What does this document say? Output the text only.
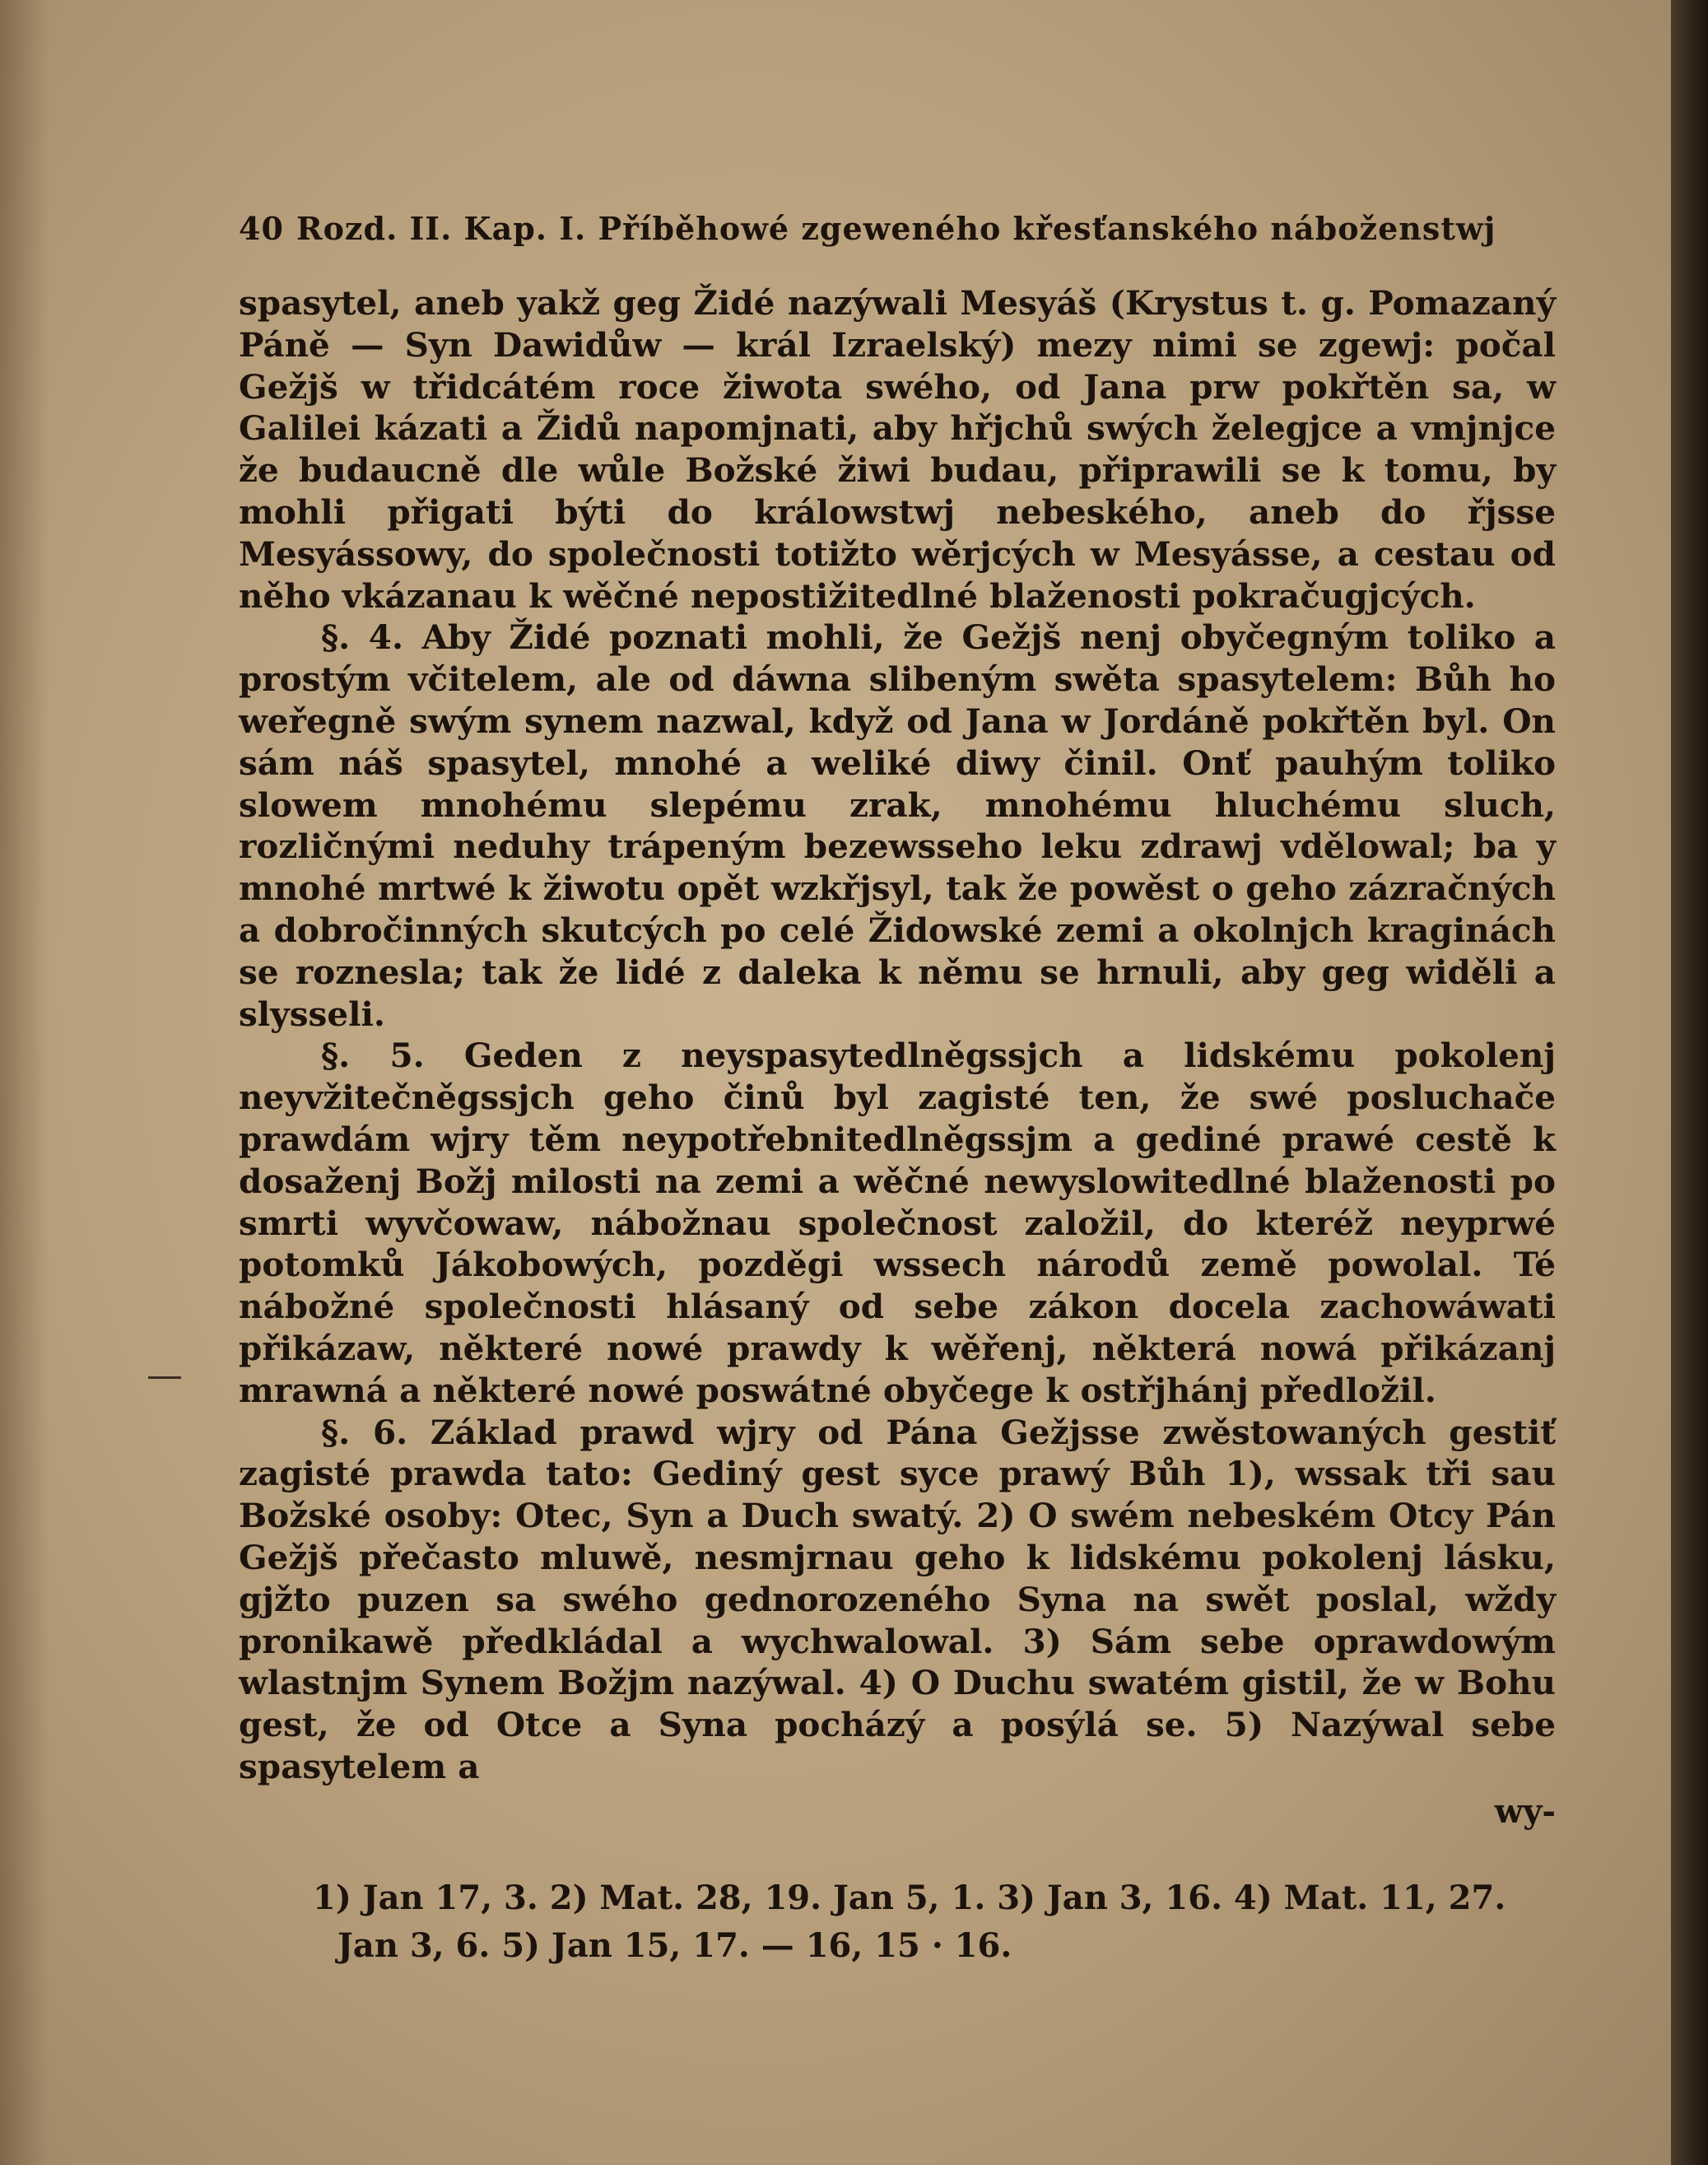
40 Rozd. II. Kap. I. Příběhowé zgeweného křesťanského náboženstwj

spasytel, aneb yakž geg Židé nazýwali Mesyáš (Krystus t. g. Pomazaný Páně — Syn Dawidůw — král Izraelský) mezy nimi se zgewj: počal Gežjš w třidcátém roce žiwota swého, od Jana prw pokřtěn sa, w Galilei kázati a Židů napomjnati, aby hřjchů swých želegjce a vmjnjce že budaucně dle wůle Božské žiwi budau, připrawili se k tomu, by mohli přigati býti do králowstwj nebeského, aneb do řjsse Mesyássowy, do společnosti totižto wěrjcých w Mesyásse, a cestau od něho vkázanau k wěčné nepostižitedlné blaženosti pokračugjcých.

§. 4. Aby Židé poznati mohli, že Gežjš nenj obyčegným toliko a prostým včitelem, ale od dáwna slibeným swěta spasytelem: Bůh ho weřegně swým synem nazwal, když od Jana w Jordáně pokřtěn byl. On sám náš spasytel, mnohé a weliké diwy činil. Onť pauhým toliko slowem mnohému slepému zrak, mnohému hluchému sluch, rozličnými neduhy trápeným bezewsseho leku zdrawj vdělowal; ba y mnohé mrtwé k žiwotu opět wzkřjsyl, tak že powěst o geho zázračných a dobročinných skutcých po celé Židowské zemi a okolnjch kraginách se roznesla; tak že lidé z daleka k němu se hrnuli, aby geg widěli a slysseli.

§. 5. Geden z neyspasytedlněgssjch a lidskému pokolenj neyvžitečněgssjch geho činů byl zagisté ten, že swé posluchače prawdám wjry těm neypotřebnitedlněgssjm a gediné prawé cestě k dosaženj Božj milosti na zemi a wěčné newyslowitedlné blaženosti po smrti wyvčowaw, nábožnau společnost založil, do kteréž neyprwé potomků Jákobowých, pozděgi wssech národů země powolal. Té nábožné společnosti hlásaný od sebe zákon docela zachowáwati přikázaw, některé nowé prawdy k wěřenj, některá nowá přikázanj mrawná a některé nowé poswátné obyčege k ostřjhánj předložil.

§. 6. Základ prawd wjry od Pána Gežjsse zwěstowaných gestiť zagisté prawda tato: Gediný gest syce prawý Bůh 1), wssak tři sau Božské osoby: Otec, Syn a Duch swatý. 2) O swém nebeském Otcy Pán Gežjš přečasto mluwě, nesmjrnau geho k lidskému pokolenj lásku, gjžto puzen sa swého gednorozeného Syna na swět poslal, wždy pronikawě předkládal a wychwalowal. 3) Sám sebe oprawdowým wlastnjm Synem Božjm nazýwal. 4) O Duchu swatém gistil, že w Bohu gest, že od Otce a Syna pocházý a posýlá se. 5) Nazýwal sebe spasytelem a

wy-
1) Jan 17, 3. 2) Mat. 28, 19. Jan 5, 1. 3) Jan 3, 16. 4) Mat. 11, 27.
Jan 3, 6. 5) Jan 15, 17. — 16, 15 · 16.
